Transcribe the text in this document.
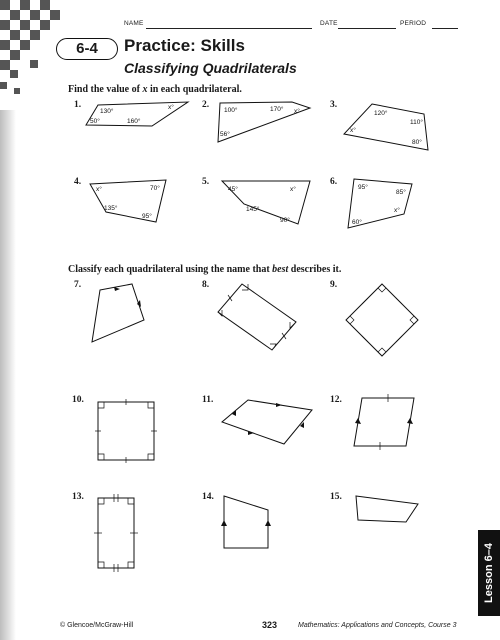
NAME	DATE	PERIOD
6-4	Practice: Skills
Classifying Quadrilaterals
Find the value of x in each quadrilateral.
1.	2.	3.
4.	5.	6.
130°
x°
50°	160°
100°	170° x°
56°
120°
110°
x°
80°
x°	70°
135°
95°
45°	x°
145°
90°
95°
85°
x°
60°
Classify each quadrilateral using the name that best describes it.
7.	8.	9.
10.	11.	12.
13.	14.	15.
© Glencoe/McGraw-Hill	323	Mathematics: Applications and Concepts, Course 3
Lesson 6–4
